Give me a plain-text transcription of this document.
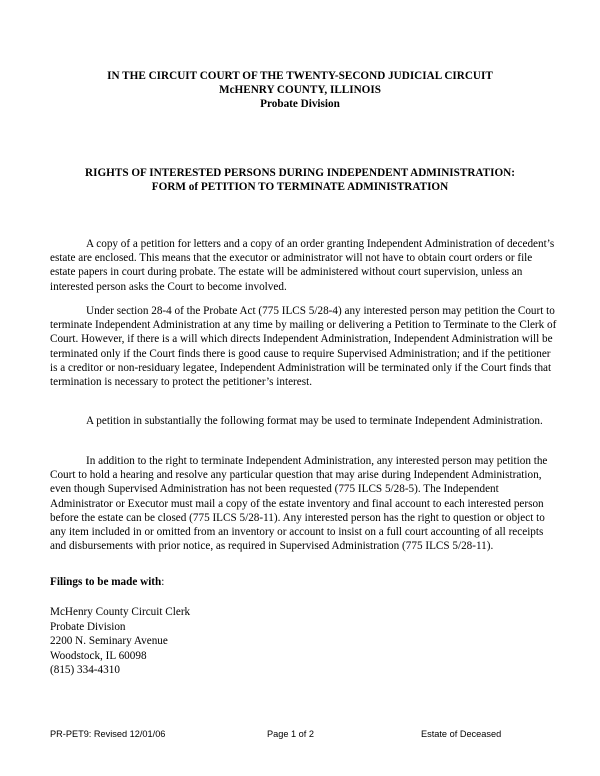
IN THE CIRCUIT COURT OF THE TWENTY-SECOND JUDICIAL CIRCUIT
McHENRY COUNTY, ILLINOIS
Probate Division
RIGHTS OF INTERESTED PERSONS DURING INDEPENDENT ADMINISTRATION:
FORM of PETITION TO TERMINATE ADMINISTRATION

A copy of a petition for letters and a copy of an order granting Independent Administration of decedent’s estate are enclosed. This means that the executor or administrator will not have to obtain court orders or file estate papers in court during probate. The estate will be administered without court supervision, unless an interested person asks the Court to become involved.

Under section 28-4 of the Probate Act (775 ILCS 5/28-4) any interested person may petition the Court to terminate Independent Administration at any time by mailing or delivering a Petition to Terminate to the Clerk of Court. However, if there is a will which directs Independent Administration, Independent Administration will be terminated only if the Court finds there is good cause to require Supervised Administration; and if the petitioner is a creditor or non-residuary legatee, Independent Administration will be terminated only if the Court finds that termination is necessary to protect the petitioner’s interest.

A petition in substantially the following format may be used to terminate Independent Administration.

In addition to the right to terminate Independent Administration, any interested person may petition the Court to hold a hearing and resolve any particular question that may arise during Independent Administration, even though Supervised Administration has not been requested (775 ILCS 5/28-5). The Independent Administrator or Executor must mail a copy of the estate inventory and final account to each interested person before the estate can be closed (775 ILCS 5/28-11). Any interested person has the right to question or object to any item included in or omitted from an inventory or account to insist on a full court accounting of all receipts and disbursements with prior notice, as required in Supervised Administration (775 ILCS 5/28-11).

Filings to be made with:
McHenry County Circuit Clerk
Probate Division
2200 N. Seminary Avenue
Woodstock, IL 60098
(815) 334-4310
PR-PET9: Revised 12/01/06	Page 1 of 2	Estate of Deceased
